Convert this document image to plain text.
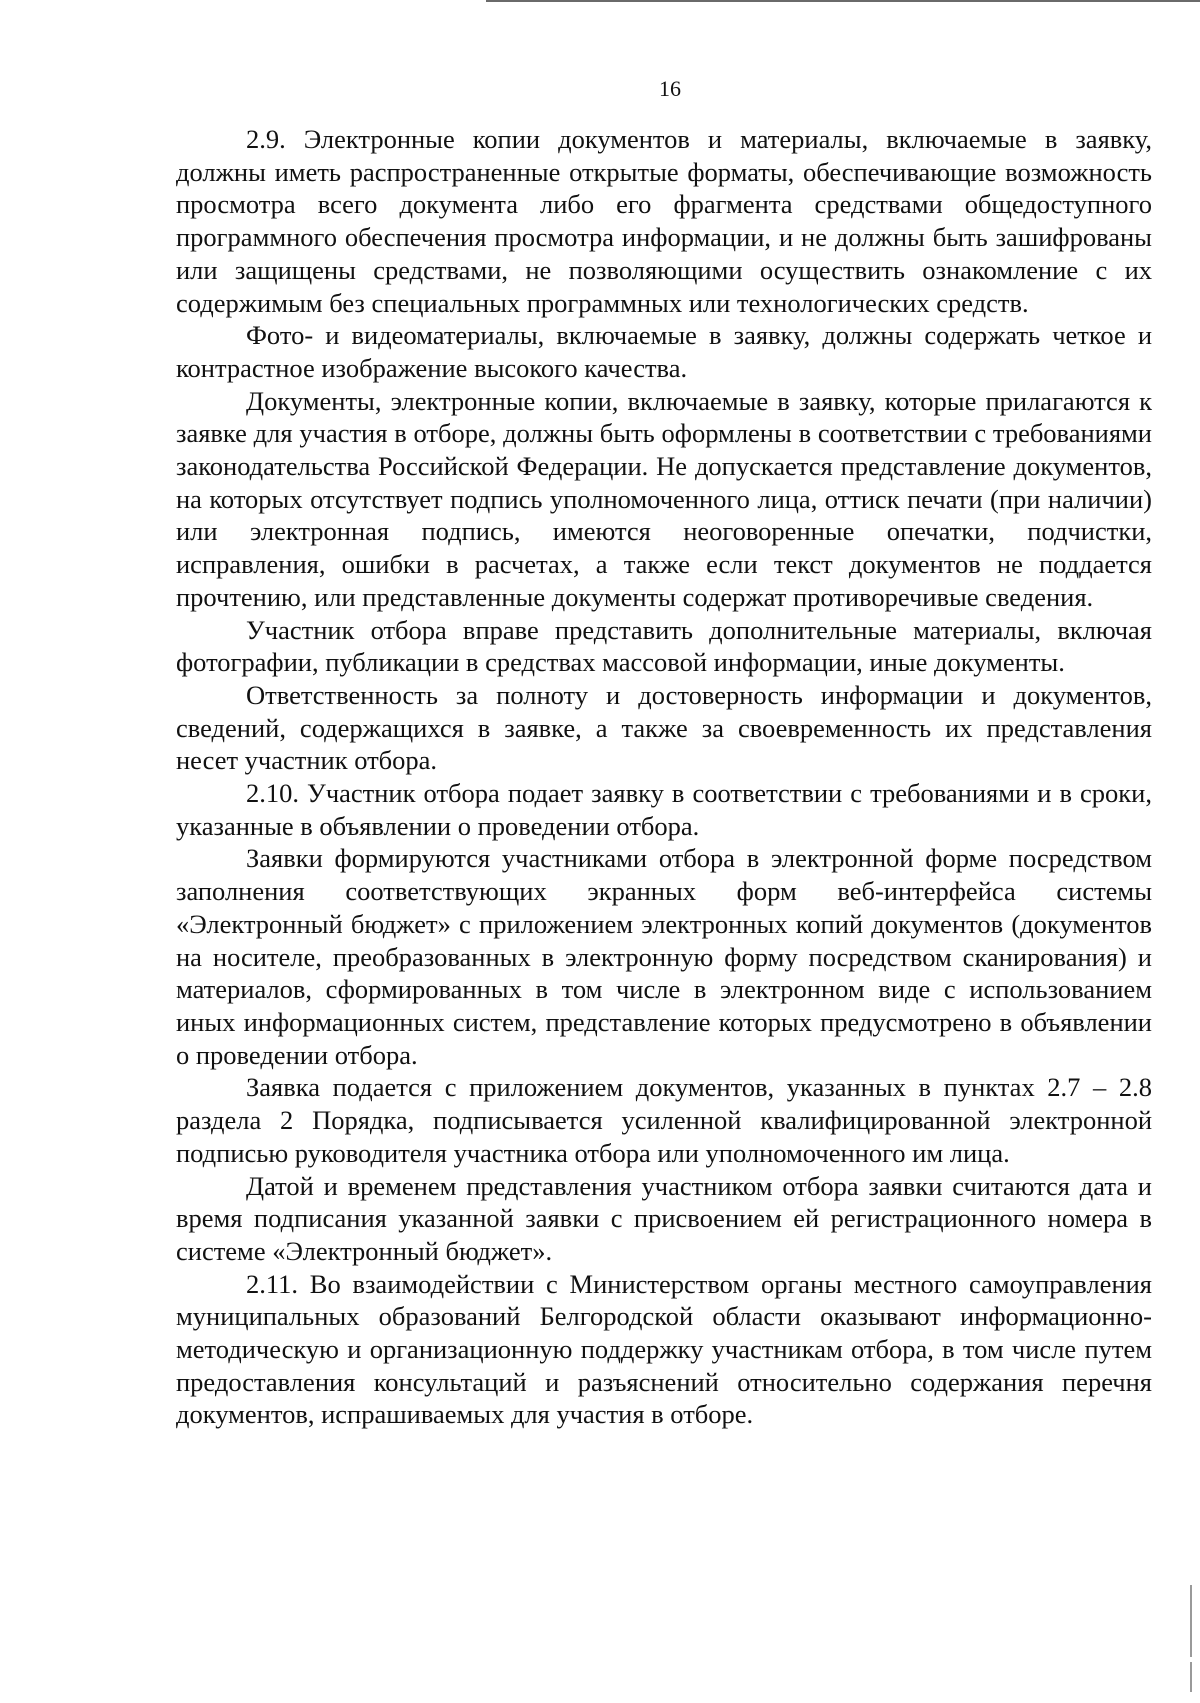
16

2.9. Электронные копии документов и материалы, включаемые в заявку, должны иметь распространенные открытые форматы, обеспечивающие возможность просмотра всего документа либо его фрагмента средствами общедоступного программного обеспечения просмотра информации, и не должны быть зашифрованы или защищены средствами, не позволяющими осуществить ознакомление с их содержимым без специальных программных или технологических средств.

Фото- и видеоматериалы, включаемые в заявку, должны содержать четкое и контрастное изображение высокого качества.

Документы, электронные копии, включаемые в заявку, которые прилагаются к заявке для участия в отборе, должны быть оформлены в соответствии с требованиями законодательства Российской Федерации. Не допускается представление документов, на которых отсутствует подпись уполномоченного лица, оттиск печати (при наличии) или электронная подпись, имеются неоговоренные опечатки, подчистки, исправления, ошибки в расчетах, а также если текст документов не поддается прочтению, или представленные документы содержат противоречивые сведения.

Участник отбора вправе представить дополнительные материалы, включая фотографии, публикации в средствах массовой информации, иные документы.

Ответственность за полноту и достоверность информации и документов, сведений, содержащихся в заявке, а также за своевременность их представления несет участник отбора.

2.10. Участник отбора подает заявку в соответствии с требованиями и в сроки, указанные в объявлении о проведении отбора.

Заявки формируются участниками отбора в электронной форме посредством заполнения соответствующих экранных форм веб-интерфейса системы «Электронный бюджет» с приложением электронных копий документов (документов на носителе, преобразованных в электронную форму посредством сканирования) и материалов, сформированных в том числе в электронном виде с использованием иных информационных систем, представление которых предусмотрено в объявлении о проведении отбора.

Заявка подается с приложением документов, указанных в пунктах 2.7 – 2.8 раздела 2 Порядка, подписывается усиленной квалифицированной электронной подписью руководителя участника отбора или уполномоченного им лица.

Датой и временем представления участником отбора заявки считаются дата и время подписания указанной заявки с присвоением ей регистрационного номера в системе «Электронный бюджет».

2.11. Во взаимодействии с Министерством органы местного самоуправления муниципальных образований Белгородской области оказывают информационно-методическую и организационную поддержку участникам отбора, в том числе путем предоставления консультаций и разъяснений относительно содержания перечня документов, испрашиваемых для участия в отборе.
